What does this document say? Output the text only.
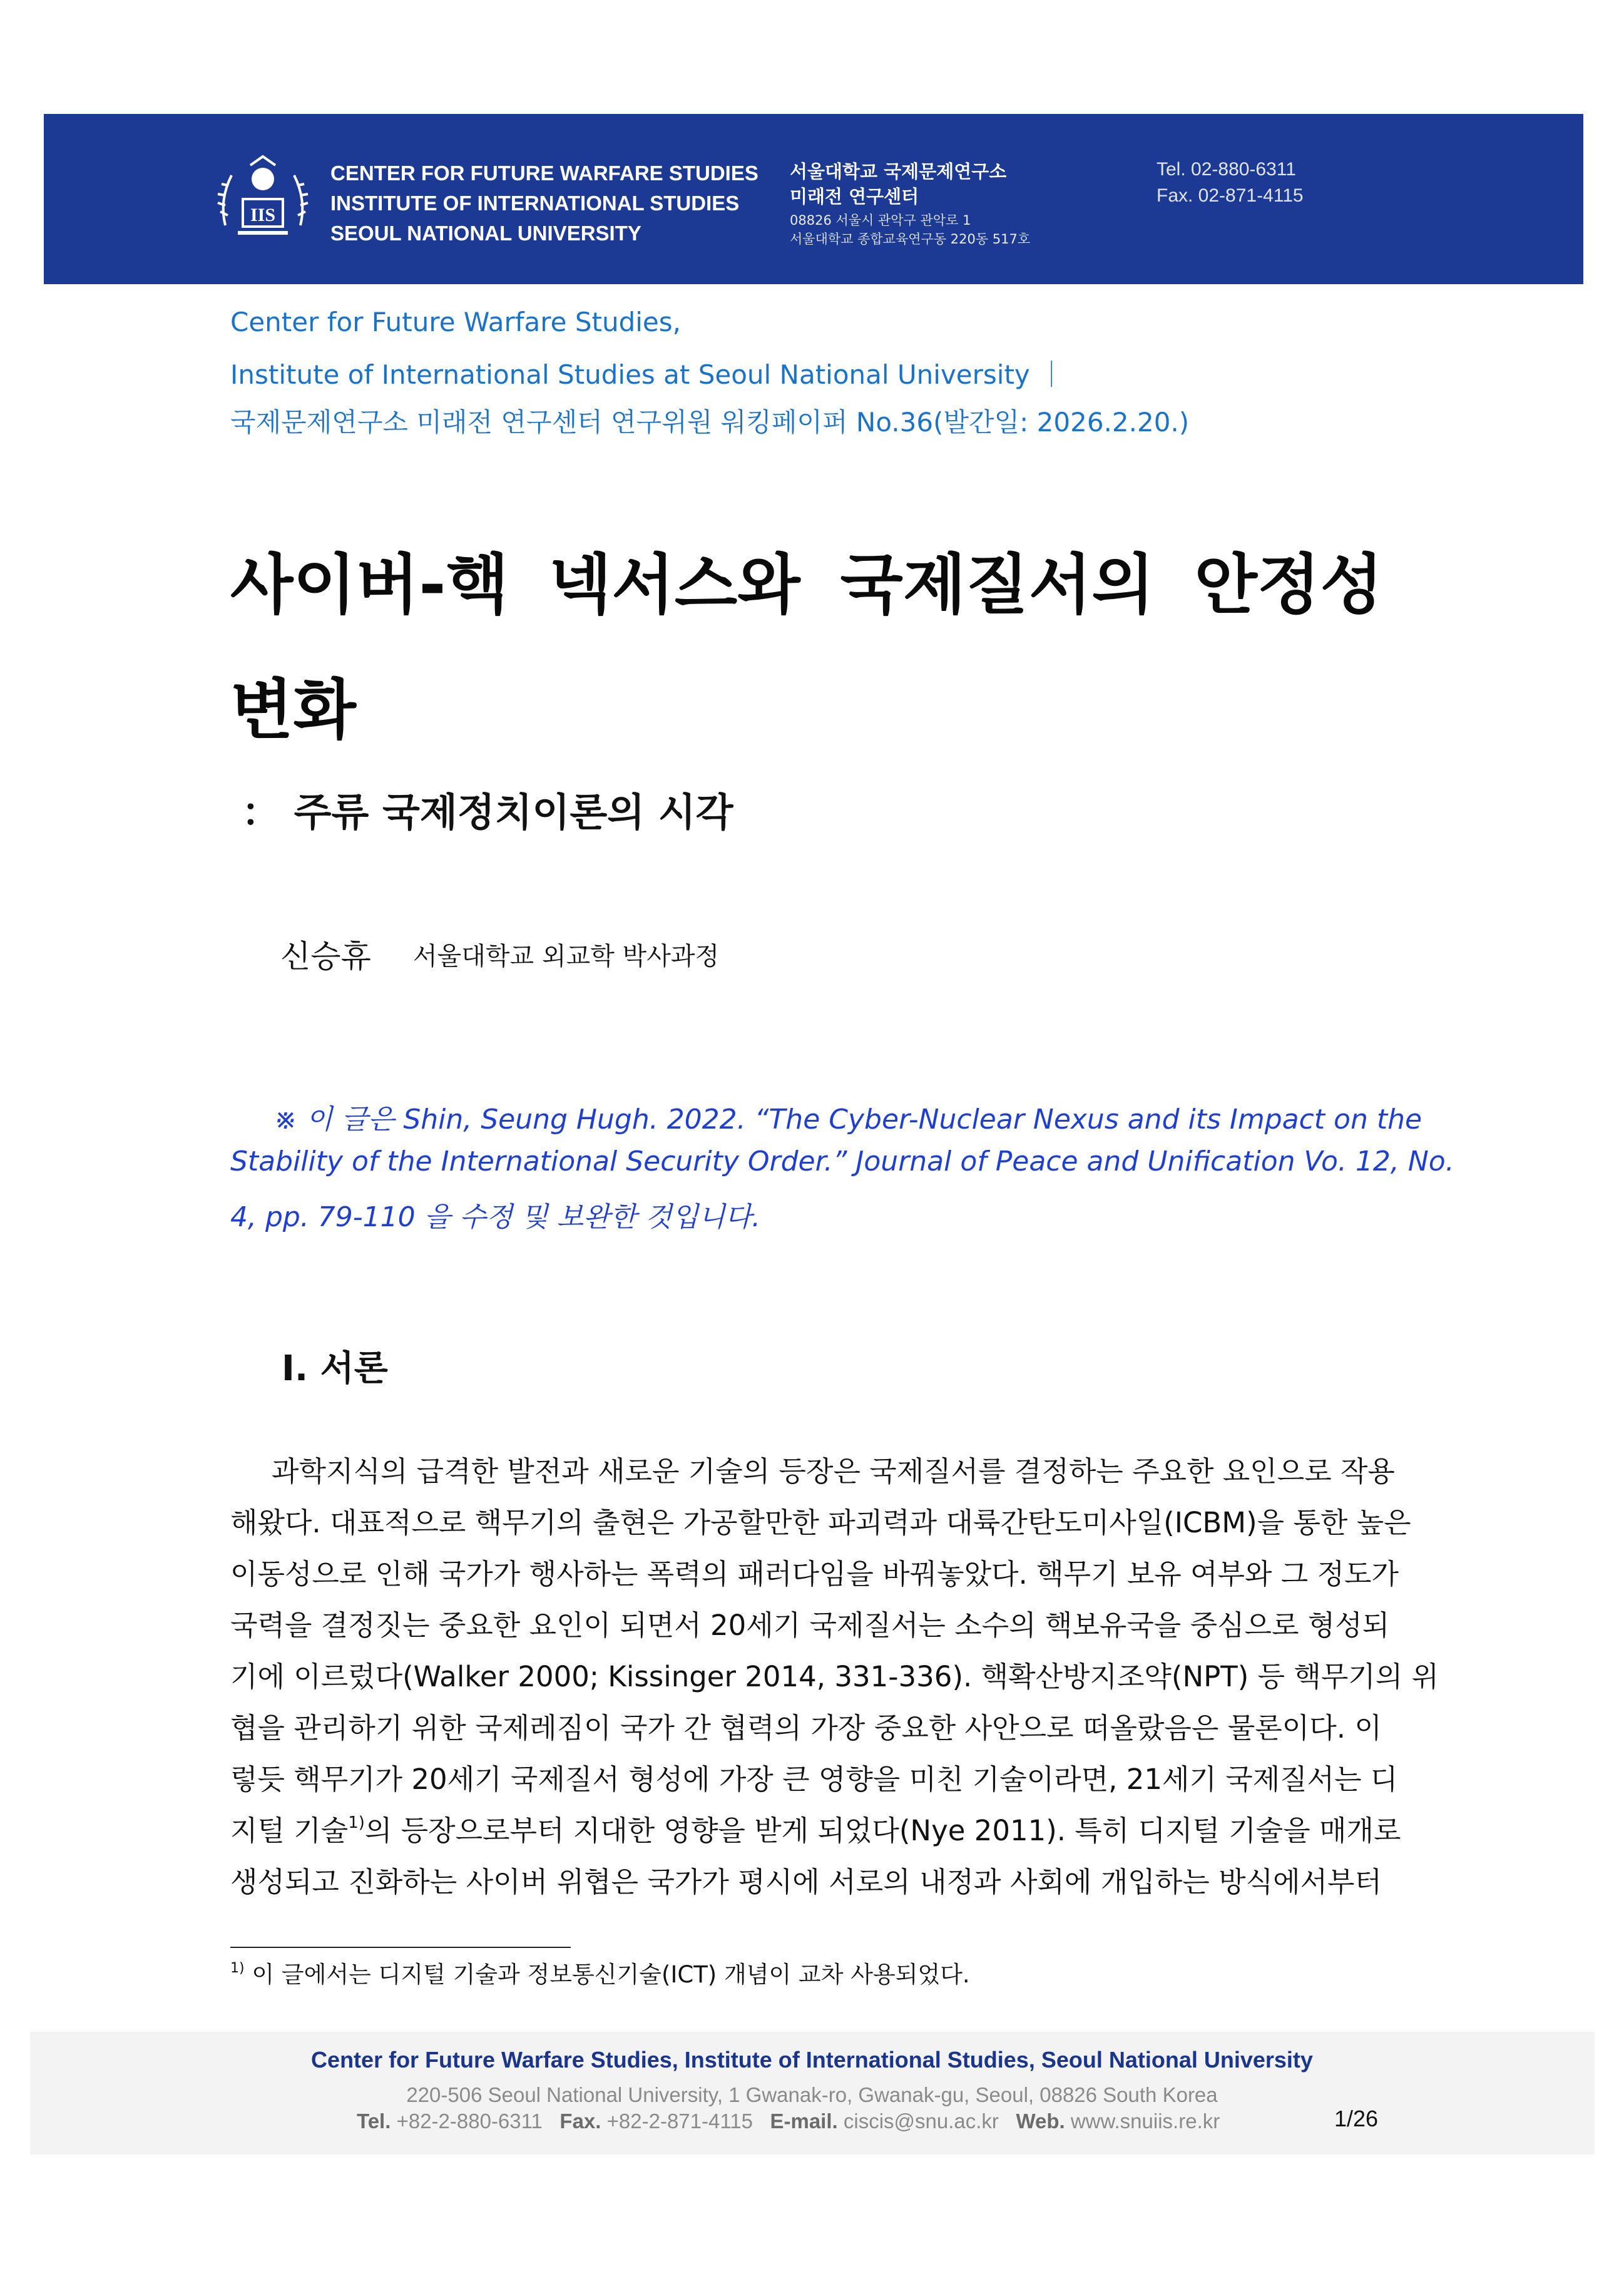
IIS
CENTER FOR FUTURE WARFARE STUDIES
INSTITUTE OF INTERNATIONAL STUDIES
SEOUL NATIONAL UNIVERSITY
서울대학교 국제문제연구소
미래전 연구센터
08826 서울시 관악구 관악로 1
서울대학교 종합교육연구동 220동 517호
Tel. 02-880-6311
Fax. 02-871-4115
Center for Future Warfare Studies,
Institute of International Studies at Seoul National University ｜
국제문제연구소 미래전 연구센터 연구위원 워킹페이퍼 No.36(발간일: 2026.2.20.)
사이버-핵 넥서스와 국제질서의 안정성
변화
： 주류 국제정치이론의 시각
신승휴 서울대학교 외교학 박사과정
※ 이 글은 Shin, Seung Hugh. 2022. “The Cyber-Nuclear Nexus and its Impact on the
Stability of the International Security Order.” Journal of Peace and Unification Vo. 12, No.
4, pp. 79-110 을 수정 및 보완한 것입니다.
Ⅰ. 서론
과학지식의 급격한 발전과 새로운 기술의 등장은 국제질서를 결정하는 주요한 요인으로 작용
해왔다. 대표적으로 핵무기의 출현은 가공할만한 파괴력과 대륙간탄도미사일(ICBM)을 통한 높은
이동성으로 인해 국가가 행사하는 폭력의 패러다임을 바꿔놓았다. 핵무기 보유 여부와 그 정도가
국력을 결정짓는 중요한 요인이 되면서 20세기 국제질서는 소수의 핵보유국을 중심으로 형성되
기에 이르렀다(Walker 2000; Kissinger 2014, 331-336). 핵확산방지조약(NPT) 등 핵무기의 위
협을 관리하기 위한 국제레짐이 국가 간 협력의 가장 중요한 사안으로 떠올랐음은 물론이다. 이
렇듯 핵무기가 20세기 국제질서 형성에 가장 큰 영향을 미친 기술이라면, 21세기 국제질서는 디
지털 기술$^{1)}$의 등장으로부터 지대한 영향을 받게 되었다(Nye 2011). 특히 디지털 기술을 매개로
생성되고 진화하는 사이버 위협은 국가가 평시에 서로의 내정과 사회에 개입하는 방식에서부터
$^{1)}$ 이 글에서는 디지털 기술과 정보통신기술(ICT) 개념이 교차 사용되었다.
Center for Future Warfare Studies, Institute of International Studies, Seoul National University
220-506 Seoul National University, 1 Gwanak-ro, Gwanak-gu, Seoul, 08826 South Korea
Tel. +82-2-880-6311 Fax. +82-2-871-4115 E-mail. ciscis@snu.ac.kr Web. www.snuiis.re.kr	1/26
